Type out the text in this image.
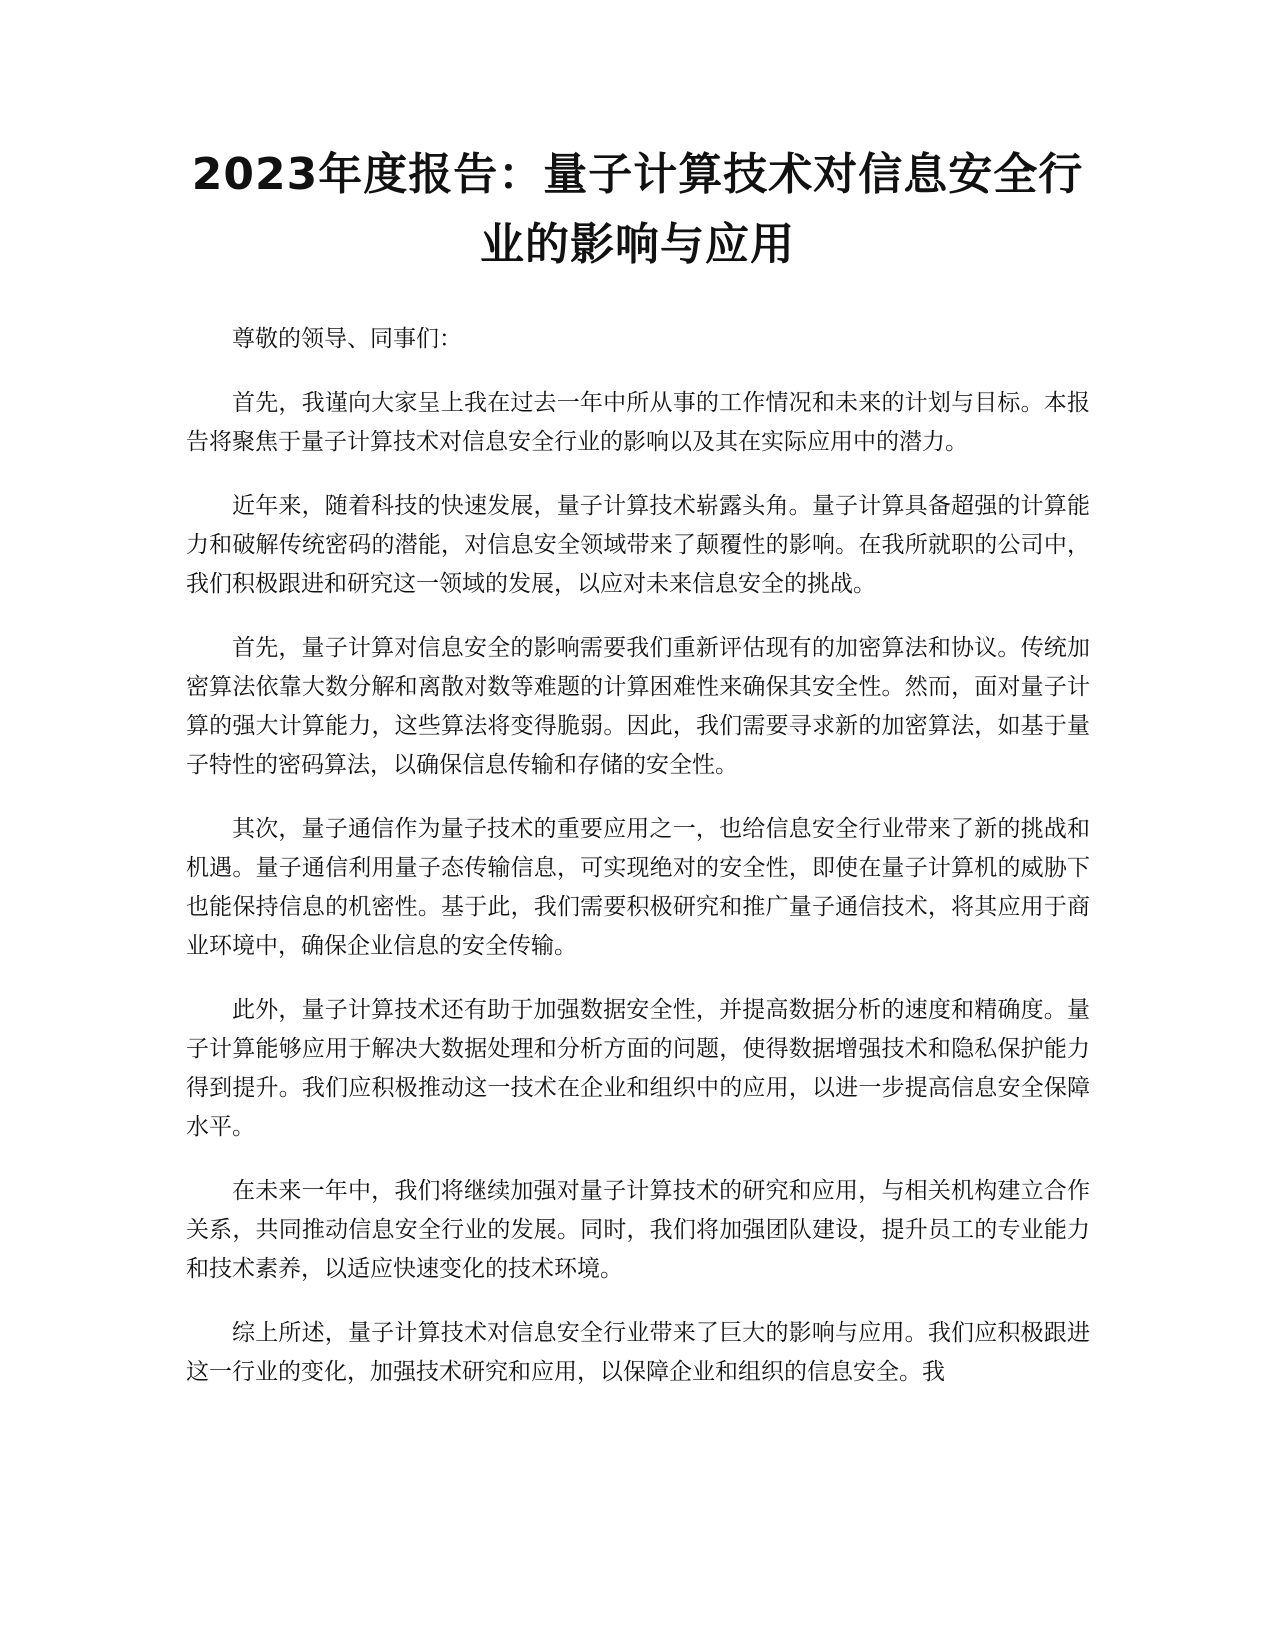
2023年度报告：量子计算技术对信息安全行业的影响与应用

尊敬的领导、同事们：

首先，我谨向大家呈上我在过去一年中所从事的工作情况和未来的计划与目标。本报告将聚焦于量子计算技术对信息安全行业的影响以及其在实际应用中的潜力。

近年来，随着科技的快速发展，量子计算技术崭露头角。量子计算具备超强的计算能力和破解传统密码的潜能，对信息安全领域带来了颠覆性的影响。在我所就职的公司中，我们积极跟进和研究这一领域的发展，以应对未来信息安全的挑战。

首先，量子计算对信息安全的影响需要我们重新评估现有的加密算法和协议。传统加密算法依靠大数分解和离散对数等难题的计算困难性来确保其安全性。然而，面对量子计算的强大计算能力，这些算法将变得脆弱。因此，我们需要寻求新的加密算法，如基于量子特性的密码算法，以确保信息传输和存储的安全性。

其次，量子通信作为量子技术的重要应用之一，也给信息安全行业带来了新的挑战和机遇。量子通信利用量子态传输信息，可实现绝对的安全性，即使在量子计算机的威胁下也能保持信息的机密性。基于此，我们需要积极研究和推广量子通信技术，将其应用于商业环境中，确保企业信息的安全传输。

此外，量子计算技术还有助于加强数据安全性，并提高数据分析的速度和精确度。量子计算能够应用于解决大数据处理和分析方面的问题，使得数据增强技术和隐私保护能力得到提升。我们应积极推动这一技术在企业和组织中的应用，以进一步提高信息安全保障水平。

在未来一年中，我们将继续加强对量子计算技术的研究和应用，与相关机构建立合作关系，共同推动信息安全行业的发展。同时，我们将加强团队建设，提升员工的专业能力和技术素养，以适应快速变化的技术环境。

综上所述，量子计算技术对信息安全行业带来了巨大的影响与应用。我们应积极跟进这一行业的变化，加强技术研究和应用，以保障企业和组织的信息安全。我
